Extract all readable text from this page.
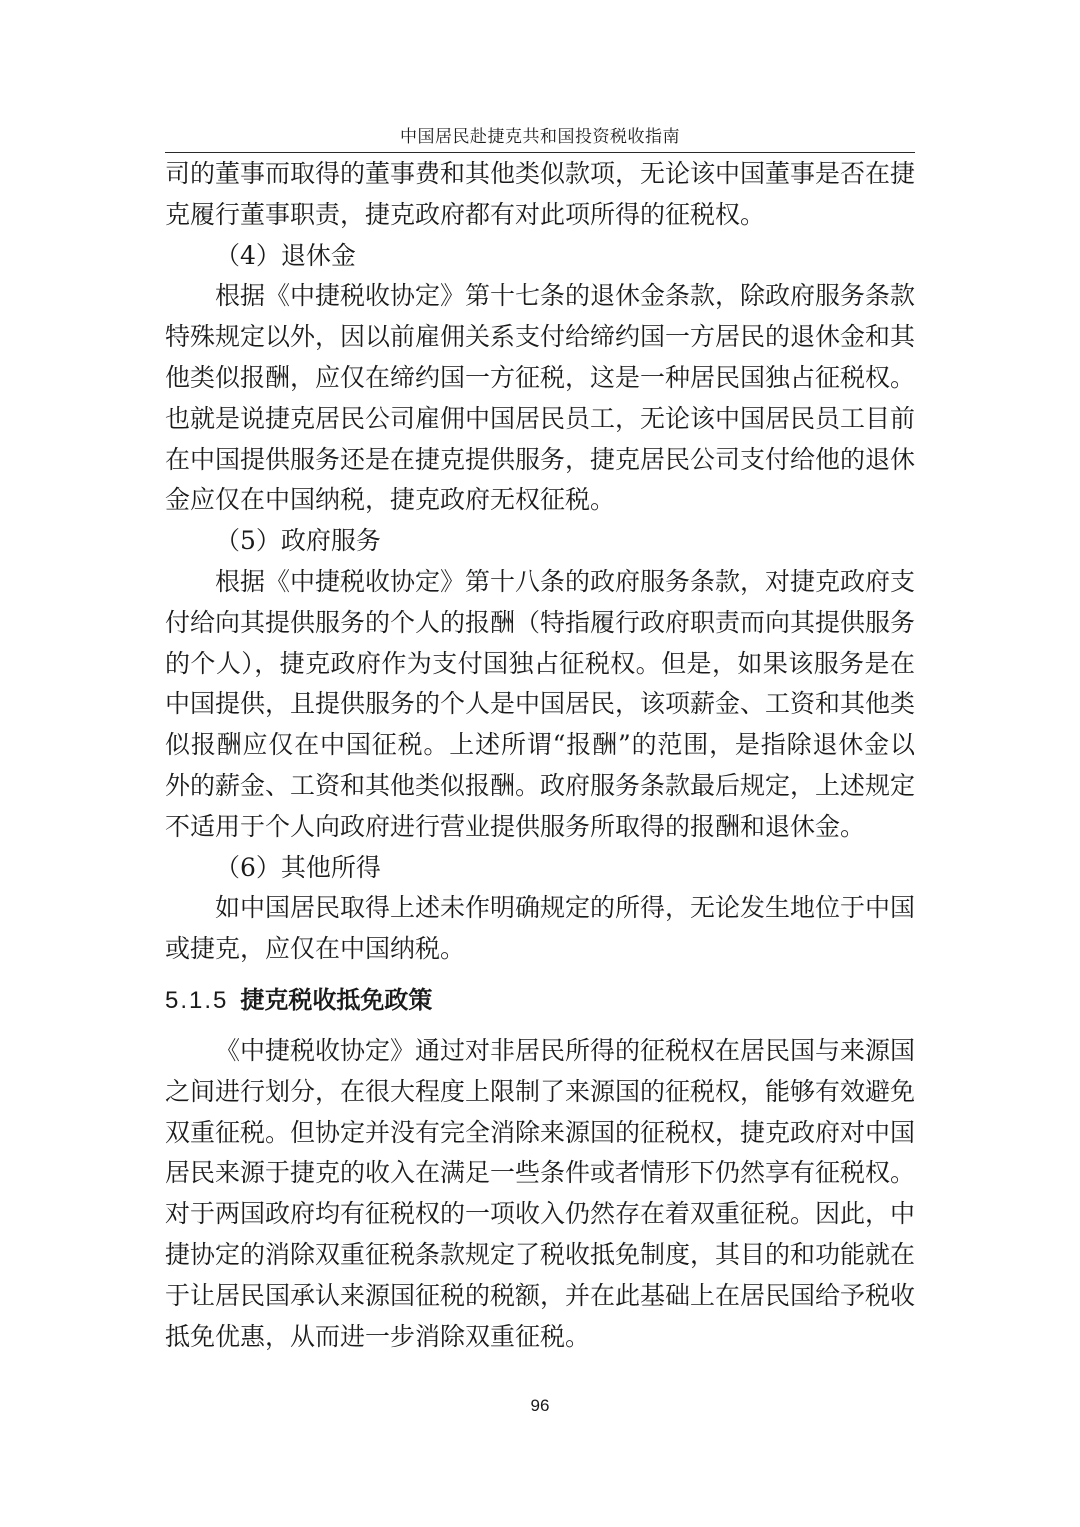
中国居民赴捷克共和国投资税收指南

司的董事而取得的董事费和其他类似款项，无论该中国董事是否在捷克履行董事职责，捷克政府都有对此项所得的征税权。

（4）退休金

根据《中捷税收协定》第十七条的退休金条款，除政府服务条款特殊规定以外，因以前雇佣关系支付给缔约国一方居民的退休金和其他类似报酬，应仅在缔约国一方征税，这是一种居民国独占征税权。也就是说捷克居民公司雇佣中国居民员工，无论该中国居民员工目前在中国提供服务还是在捷克提供服务，捷克居民公司支付给他的退休金应仅在中国纳税，捷克政府无权征税。

（5）政府服务

根据《中捷税收协定》第十八条的政府服务条款，对捷克政府支付给向其提供服务的个人的报酬（特指履行政府职责而向其提供服务的个人），捷克政府作为支付国独占征税权。但是，如果该服务是在中国提供，且提供服务的个人是中国居民，该项薪金、工资和其他类似报酬应仅在中国征税。上述所谓“报酬”的范围，是指除退休金以外的薪金、工资和其他类似报酬。政府服务条款最后规定，上述规定不适用于个人向政府进行营业提供服务所取得的报酬和退休金。

（6）其他所得

如中国居民取得上述未作明确规定的所得，无论发生地位于中国或捷克，应仅在中国纳税。

5.1.5 捷克税收抵免政策

《中捷税收协定》通过对非居民所得的征税权在居民国与来源国之间进行划分，在很大程度上限制了来源国的征税权，能够有效避免双重征税。但协定并没有完全消除来源国的征税权，捷克政府对中国居民来源于捷克的收入在满足一些条件或者情形下仍然享有征税权。对于两国政府均有征税权的一项收入仍然存在着双重征税。因此，中捷协定的消除双重征税条款规定了税收抵免制度，其目的和功能就在于让居民国承认来源国征税的税额，并在此基础上在居民国给予税收抵免优惠，从而进一步消除双重征税。

96
